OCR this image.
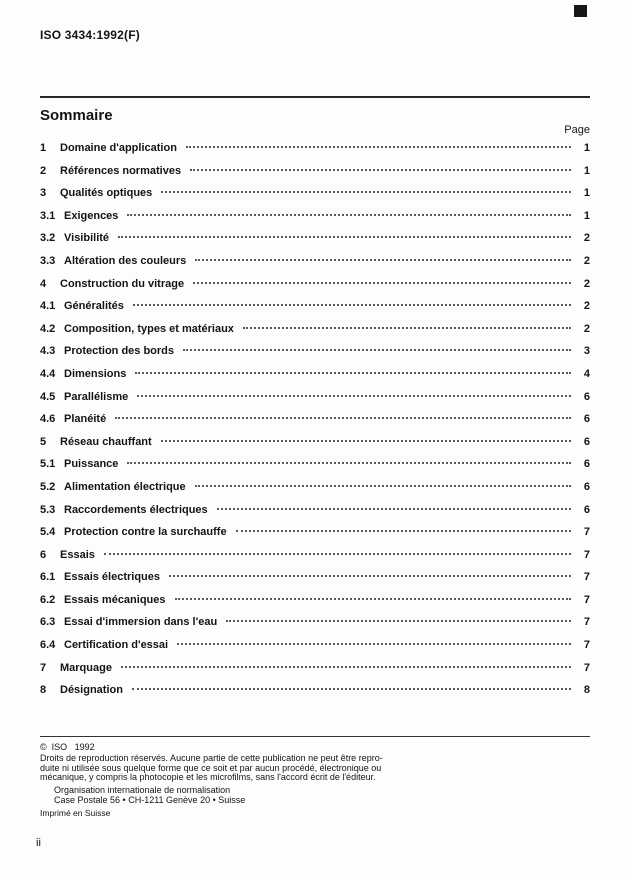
ISO 3434:1992(F)
Sommaire
Page
1	Domaine d'application	1
2	Références normatives	1
3	Qualités optiques	1
3.1 Exigences	1
3.2 Visibilité	2
3.3 Altération des couleurs	2
4	Construction du vitrage	2
4.1 Généralités	2
4.2 Composition, types et matériaux	2
4.3 Protection des bords	3
4.4 Dimensions	4
4.5 Parallélisme	6
4.6 Planéité	6
5	Réseau chauffant	6
5.1 Puissance	6
5.2 Alimentation électrique	6
5.3 Raccordements électriques	6
5.4 Protection contre la surchauffe	7
6	Essais	7
6.1 Essais électriques	7
6.2 Essais mécaniques	7
6.3 Essai d'immersion dans l'eau	7
6.4 Certification d'essai	7
7	Marquage	7
8	Désignation	8
©  ISO   1992
Droits de reproduction réservés. Aucune partie de cette publication ne peut être repro-
duite ni utilisée sous quelque forme que ce soit et par aucun procédé, électronique ou
mécanique, y compris la photocopie et les microfilms, sans l'accord écrit de l'éditeur.
Organisation internationale de normalisation
Case Postale 56 • CH-1211 Genève 20 • Suisse
Imprimé en Suisse
ii
